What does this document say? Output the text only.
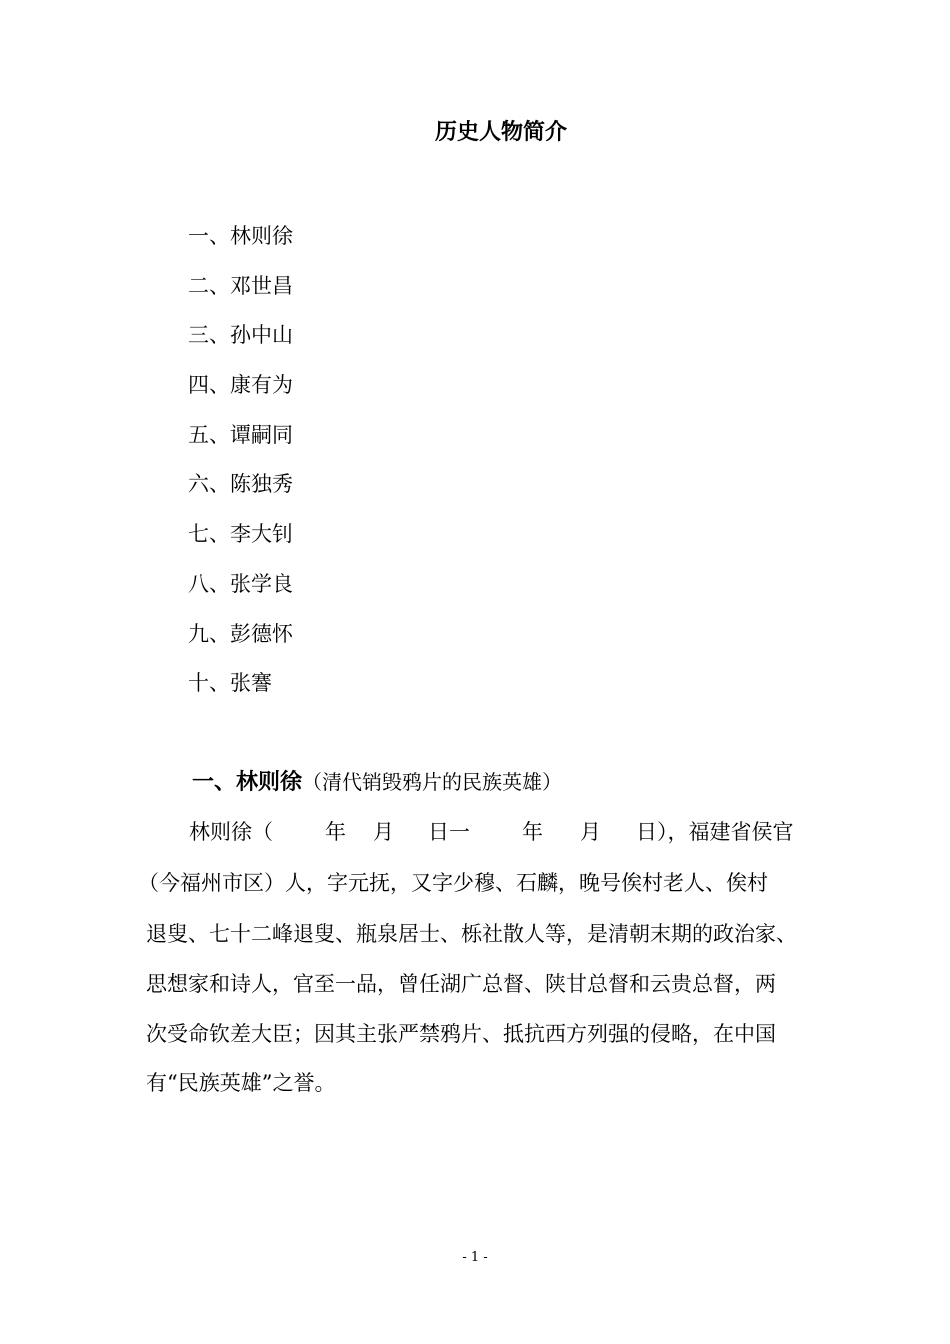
历史人物简介
一、林则徐
二、邓世昌
三、孙中山
四、康有为
五、谭嗣同
六、陈独秀
七、李大钊
八、张学良
九、彭德怀
十、张謇
一、林则徐（清代销毁鸦片的民族英雄）
林则徐（ 年 月 日一 年 月 日），福建省侯官
（今福州市区）人，字元抚，又字少穆、石麟，晚号俟村老人、俟村
退叟、七十二峰退叟、瓶泉居士、栎社散人等，是清朝末期的政治家、
思想家和诗人，官至一品，曾任湖广总督、陕甘总督和云贵总督，两
次受命钦差大臣；因其主张严禁鸦片、抵抗西方列强的侵略，在中国
有“民族英雄”之誉。
- 1 -
